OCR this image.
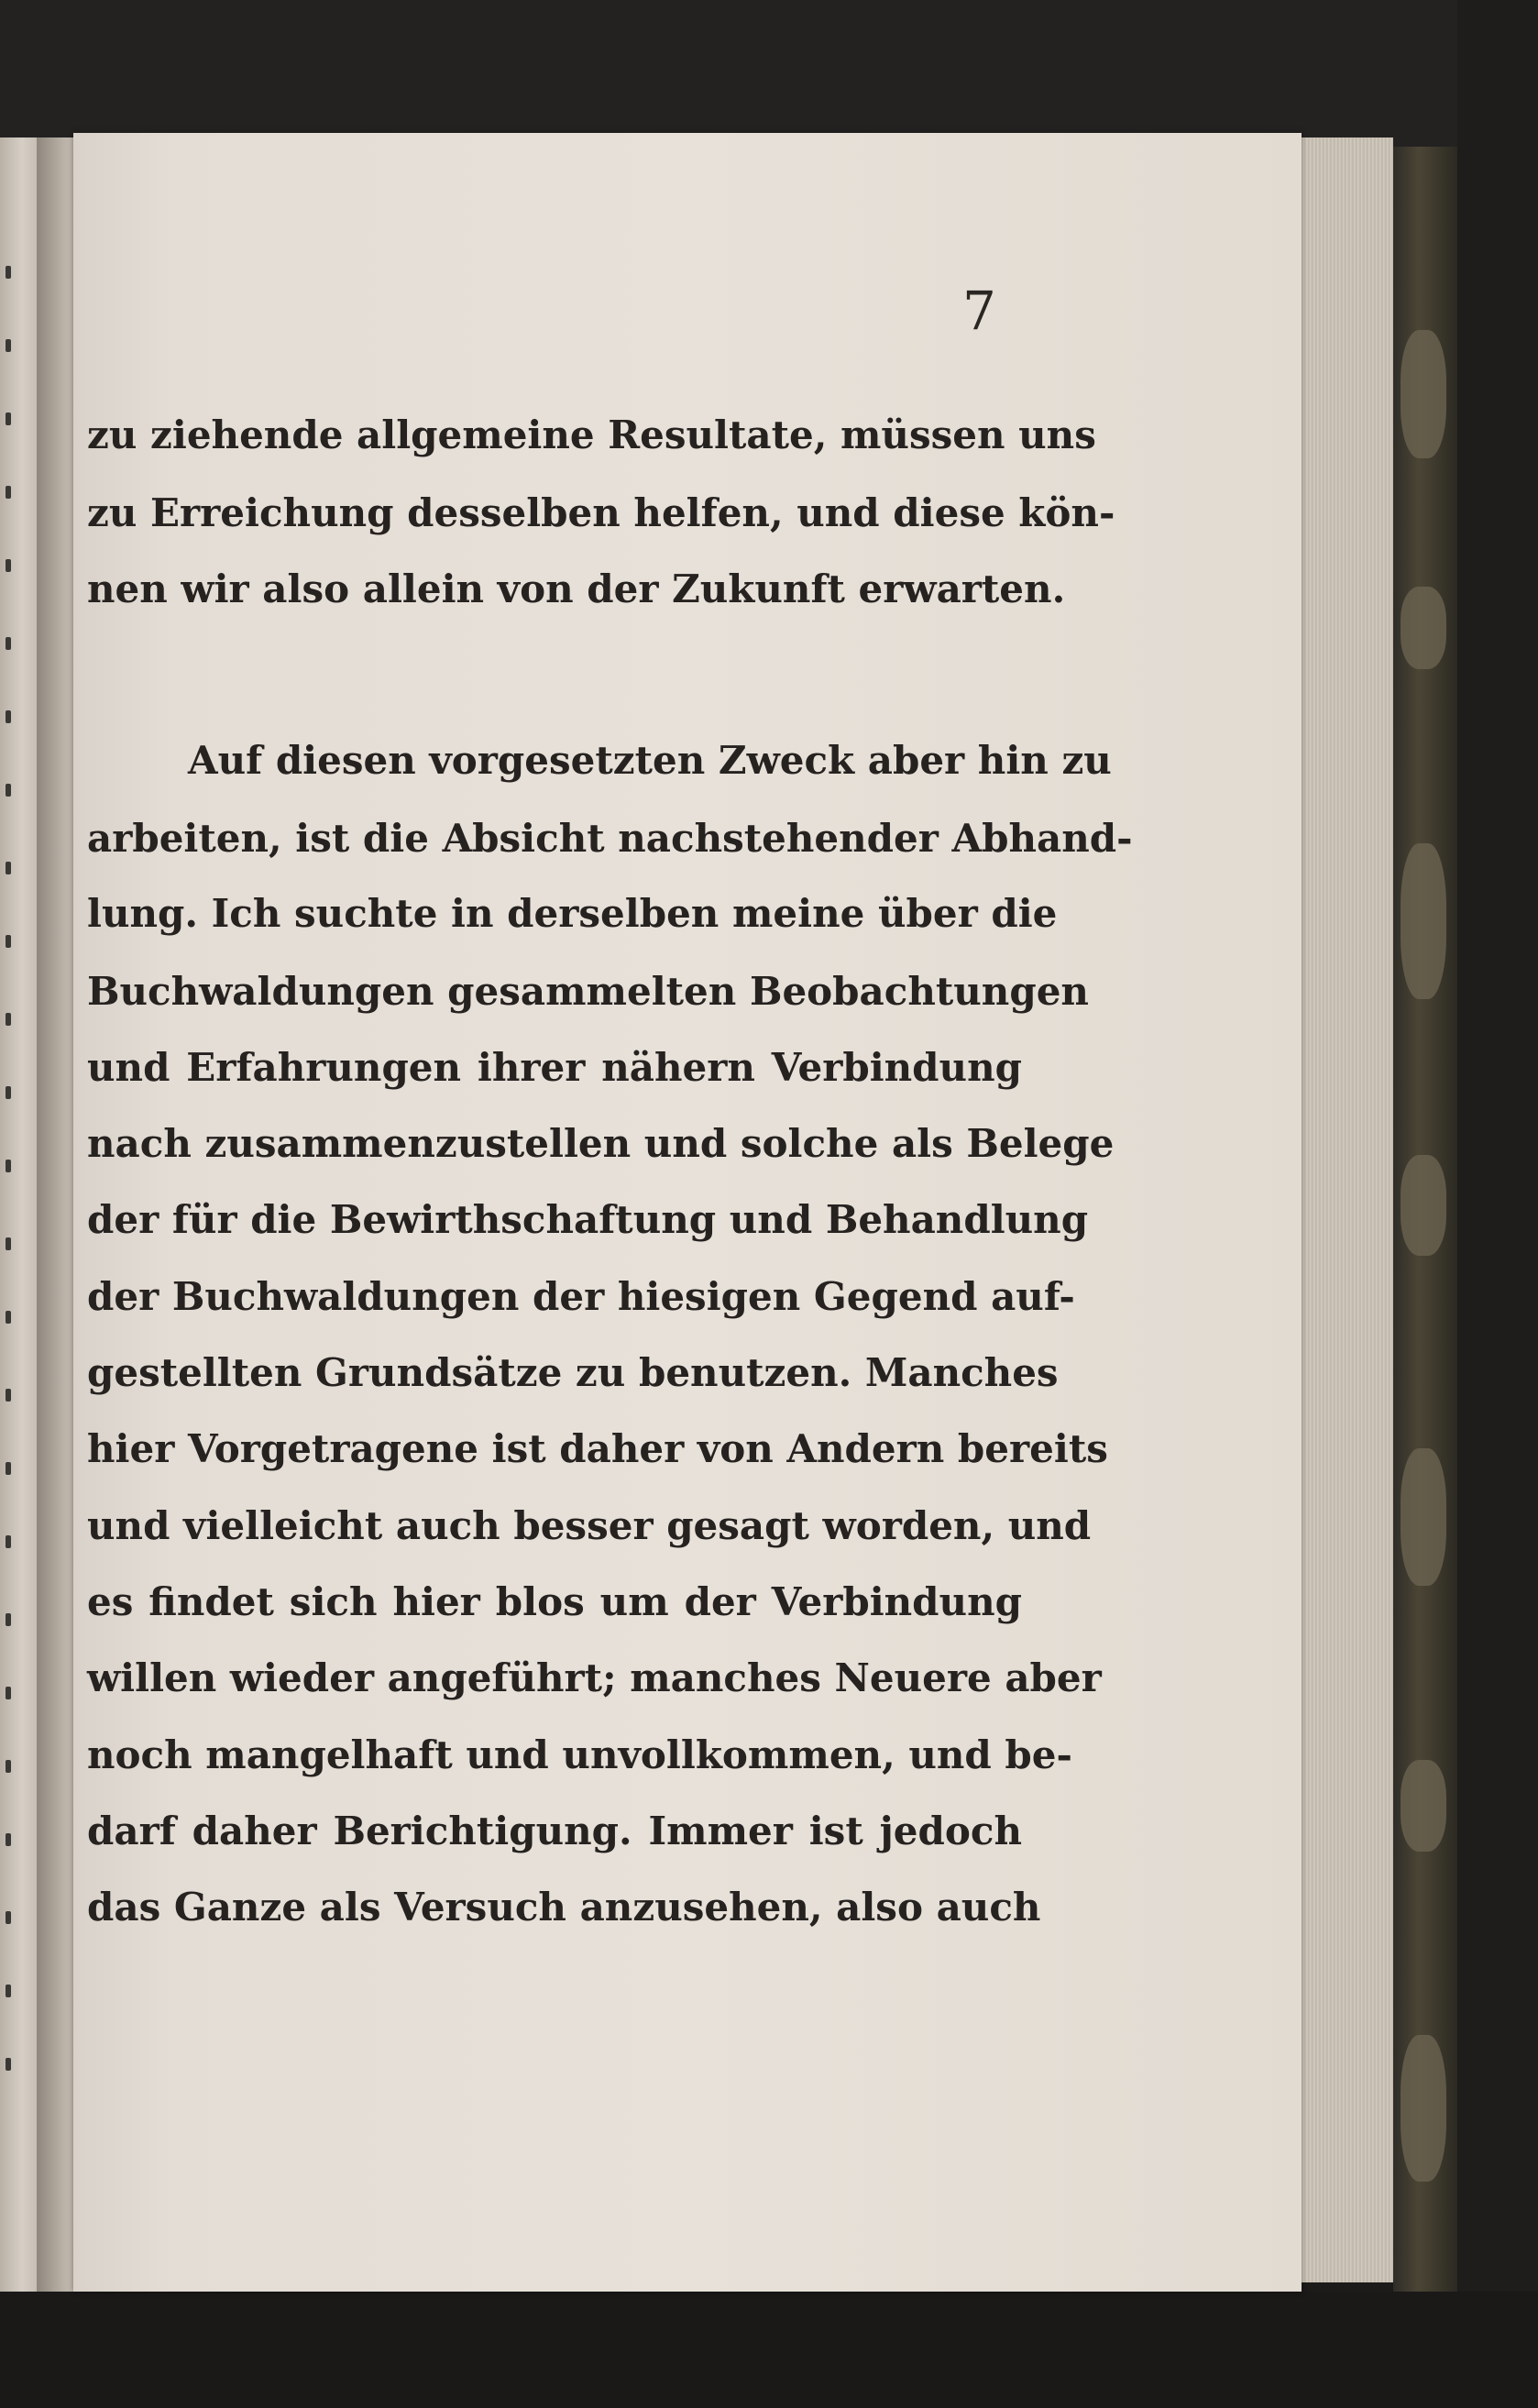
7
zu ziehende allgemeine Resultate, müssen uns
zu Erreichung desselben helfen, und diese kön-
nen wir also allein von der Zukunft erwarten.
Auf diesen vorgesetzten Zweck aber hin zu
arbeiten, ist die Absicht nachstehender Abhand-
lung. Ich suchte in derselben meine über die
Buchwaldungen gesammelten Beobachtungen
und Erfahrungen ihrer nähern Verbindung
nach zusammenzustellen und solche als Belege
der für die Bewirthschaftung und Behandlung
der Buchwaldungen der hiesigen Gegend auf-
gestellten Grundsätze zu benutzen. Manches
hier Vorgetragene ist daher von Andern bereits
und vielleicht auch besser gesagt worden, und
es findet sich hier blos um der Verbindung
willen wieder angeführt; manches Neuere aber
noch mangelhaft und unvollkommen, und be-
darf daher Berichtigung. Immer ist jedoch
das Ganze als Versuch anzusehen, also auch
